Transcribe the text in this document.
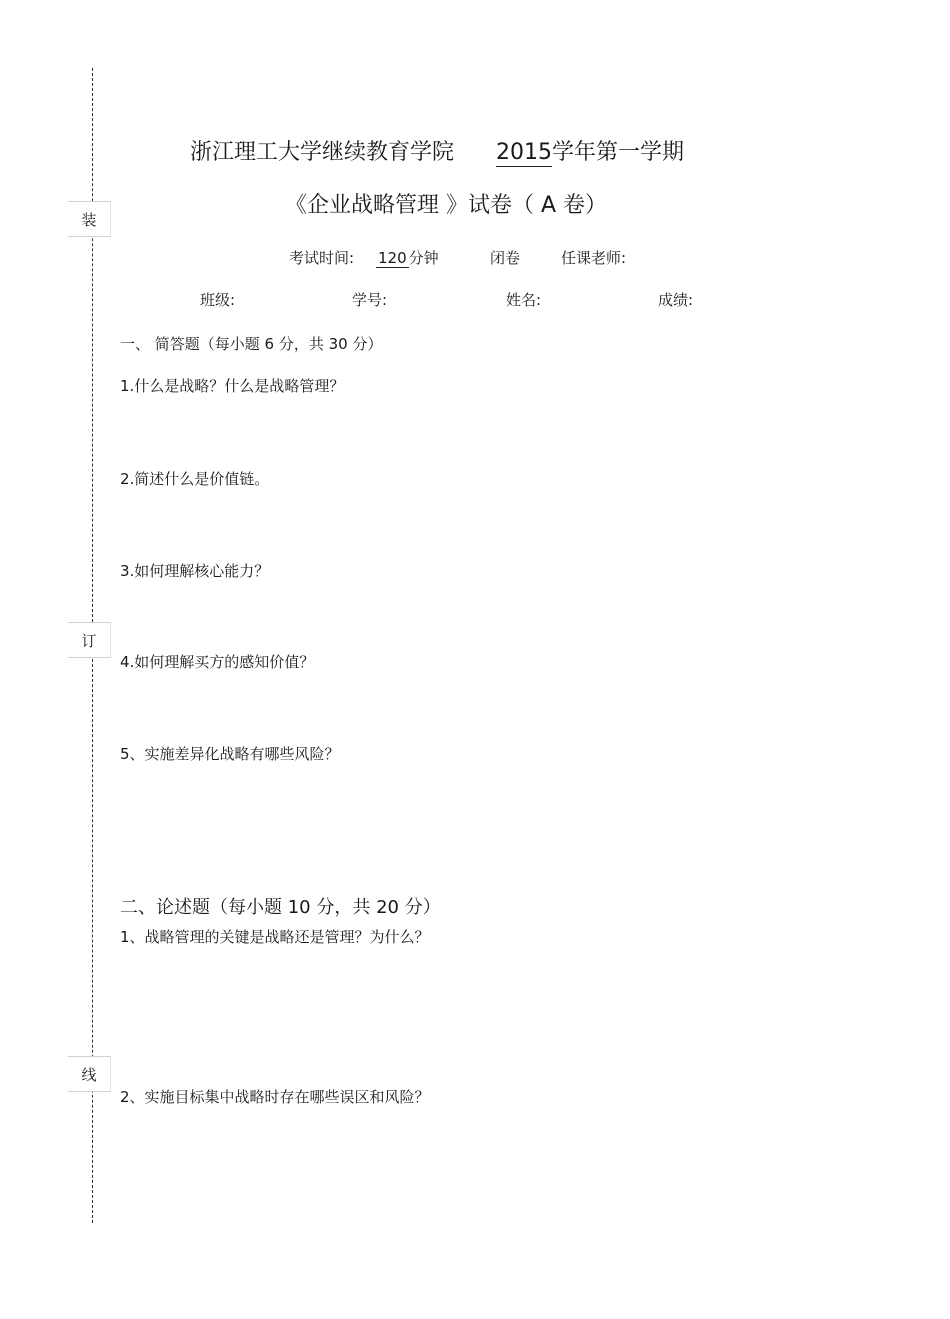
装
订
线
浙江理工大学继续教育学院 2015学年第一学期
《企业战略管理 》试卷（ A 卷）
考试时间: 120 分钟	闭卷	任课老师:
班级:	学号:	姓名:	成绩:
一、 简答题（每小题 6 分，共 30 分）
1.什么是战略？什么是战略管理？
2.简述什么是价值链。
3.如何理解核心能力？
4.如何理解买方的感知价值？
5、实施差异化战略有哪些风险？
二、论述题（每小题 10 分，共 20 分）
1、战略管理的关键是战略还是管理？为什么？
2、实施目标集中战略时存在哪些误区和风险？
